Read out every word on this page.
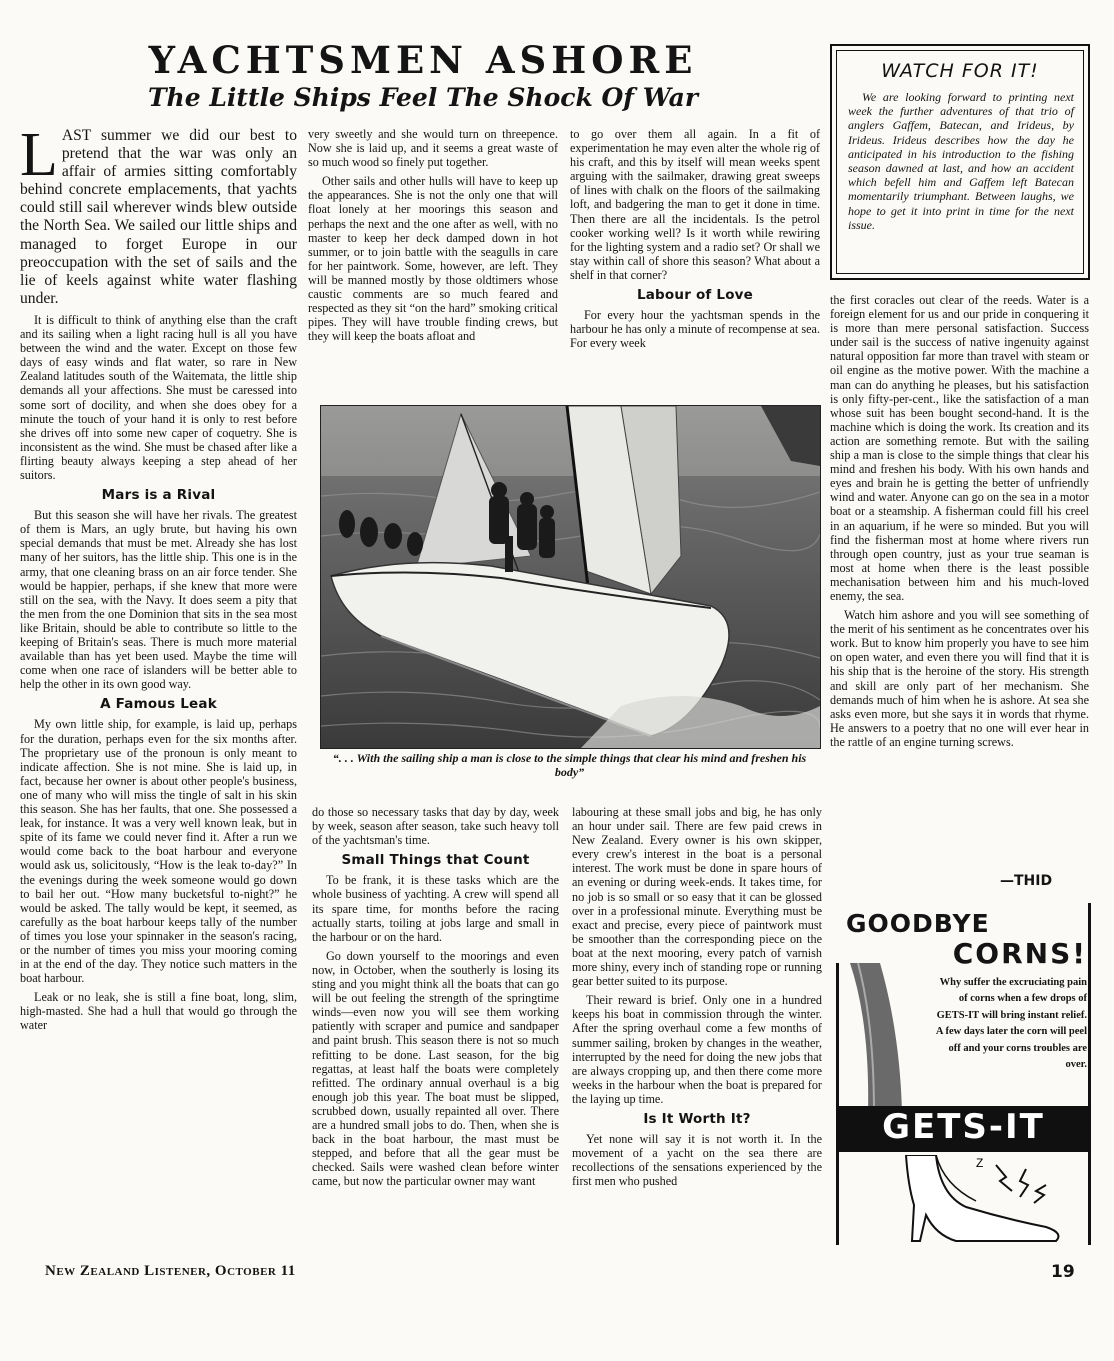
YACHTSMEN ASHORE
The Little Ships Feel The Shock Of War
WATCH FOR IT!

We are looking forward to printing next week the further adventures of that trio of anglers Gaffem, Batecan, and Irideus, by Irideus. Irideus describes how the day he anticipated in his introduction to the fishing season dawned at last, and how an accident which befell him and Gaffem left Batecan momentarily triumphant. Between laughs, we hope to get it into print in time for the next issue.

LAST summer we did our best to pretend that the war was only an affair of armies sitting comfortably behind concrete emplacements, that yachts could still sail wherever winds blew outside the North Sea. We sailed our little ships and managed to forget Europe in our preoccupation with the set of sails and the lie of keels against white water flashing under.

It is difficult to think of anything else than the craft and its sailing when a light racing hull is all you have between the wind and the water. Except on those few days of easy winds and flat water, so rare in New Zealand latitudes south of the Waitemata, the little ship demands all your affections. She must be caressed into some sort of docility, and when she does obey for a minute the touch of your hand it is only to rest before she drives off into some new caper of coquetry. She is inconsistent as the wind. She must be chased after like a flirting beauty always keeping a step ahead of her suitors.

Mars is a Rival

But this season she will have her rivals. The greatest of them is Mars, an ugly brute, but having his own special demands that must be met. Already she has lost many of her suitors, has the little ship. This one is in the army, that one cleaning brass on an air force tender. She would be happier, perhaps, if she knew that more were still on the sea, with the Navy. It does seem a pity that the men from the one Dominion that sits in the sea most like Britain, should be able to contribute so little to the keeping of Britain's seas. There is much more material available than has yet been used. Maybe the time will come when one race of islanders will be better able to help the other in its own good way.

A Famous Leak

My own little ship, for example, is laid up, perhaps for the duration, perhaps even for the six months after. The proprietary use of the pronoun is only meant to indicate affection. She is not mine. She is laid up, in fact, because her owner is about other people's business, one of many who will miss the tingle of salt in his skin this season. She has her faults, that one. She possessed a leak, for instance. It was a very well known leak, but in spite of its fame we could never find it. After a run we would come back to the boat harbour and everyone would ask us, solicitously, “How is the leak to-day?” In the evenings during the week someone would go down to bail her out. “How many bucketsful to-night?” he would be asked. The tally would be kept, it seemed, as carefully as the boat harbour keeps tally of the number of times you lose your spinnaker in the season's racing, or the number of times you miss your mooring coming in at the end of the day. They notice such matters in the boat harbour.

Leak or no leak, she is still a fine boat, long, slim, high-masted. She had a hull that would go through the water

very sweetly and she would turn on threepence. Now she is laid up, and it seems a great waste of so much wood so finely put together.

Other sails and other hulls will have to keep up the appearances. She is not the only one that will float lonely at her moorings this season and perhaps the next and the one after as well, with no master to keep her deck damped down in hot summer, or to join battle with the seagulls in care for her paintwork. Some, however, are left. They will be manned mostly by those oldtimers whose caustic comments are so much feared and respected as they sit “on the hard” smoking critical pipes. They will have trouble finding crews, but they will keep the boats afloat and

to go over them all again. In a fit of experimentation he may even alter the whole rig of his craft, and this by itself will mean weeks spent arguing with the sailmaker, drawing great sweeps of lines with chalk on the floors of the sailmaking loft, and badgering the man to get it done in time. Then there are all the incidentals. Is the petrol cooker working well? Is it worth while rewiring for the lighting system and a radio set? Or shall we stay within call of shore this season? What about a shelf in that corner?

Labour of Love

For every hour the yachtsman spends in the harbour he has only a minute of recompense at sea. For every week

“. . . With the sailing ship a man is close to the simple things that clear his mind and freshen his body”

do those so necessary tasks that day by day, week by week, season after season, take such heavy toll of the yachtsman's time.

Small Things that Count

To be frank, it is these tasks which are the whole business of yachting. A crew will spend all its spare time, for months before the racing actually starts, toiling at jobs large and small in the harbour or on the hard.

Go down yourself to the moorings and even now, in October, when the southerly is losing its sting and you might think all the boats that can go will be out feeling the strength of the springtime winds—even now you will see them working patiently with scraper and pumice and sandpaper and paint brush. This season there is not so much refitting to be done. Last season, for the big regattas, at least half the boats were completely refitted. The ordinary annual overhaul is a big enough job this year. The boat must be slipped, scrubbed down, usually repainted all over. There are a hundred small jobs to do. Then, when she is back in the boat harbour, the mast must be stepped, and before that all the gear must be checked. Sails were washed clean before winter came, but now the particular owner may want

labouring at these small jobs and big, he has only an hour under sail. There are few paid crews in New Zealand. Every owner is his own skipper, every crew's interest in the boat is a personal interest. The work must be done in spare hours of an evening or during week-ends. It takes time, for no job is so small or so easy that it can be glossed over in a professional minute. Everything must be exact and precise, every piece of paintwork must be smoother than the corresponding piece on the boat at the next mooring, every patch of varnish more shiny, every inch of standing rope or running gear better suited to its purpose.

Their reward is brief. Only one in a hundred keeps his boat in commission through the winter. After the spring overhaul come a few months of summer sailing, broken by changes in the weather, interrupted by the need for doing the new jobs that are always cropping up, and then there come more weeks in the harbour when the boat is prepared for the laying up time.

Is It Worth It?

Yet none will say it is not worth it. In the movement of a yacht on the sea there are recollections of the sensations experienced by the first men who pushed

the first coracles out clear of the reeds. Water is a foreign element for us and our pride in conquering it is more than mere personal satisfaction. Success under sail is the success of native ingenuity against natural opposition far more than travel with steam or oil engine as the motive power. With the machine a man can do anything he pleases, but his satisfaction is only fifty-per-cent., like the satisfaction of a man whose suit has been bought second-hand. It is the machine which is doing the work. Its creation and its action are something remote. But with the sailing ship a man is close to the simple things that clear his mind and freshen his body. With his own hands and eyes and brain he is getting the better of unfriendly wind and water. Anyone can go on the sea in a motor boat or a steamship. A fisherman could fill his creel in an aquarium, if he were so minded. But you will find the fisherman most at home where rivers run through open country, just as your true seaman is most at home when there is the least possible mechanisation between him and his much-loved enemy, the sea.

Watch him ashore and you will see something of the merit of his sentiment as he concentrates over his work. But to know him properly you have to see him on open water, and even there you will find that it is his ship that is the heroine of the story. His strength and skill are only part of her mechanism. She demands much of him when he is ashore. At sea she asks even more, but she says it in words that rhyme. He answers to a poetry that no one will ever hear in the rattle of an engine turning screws.

—THID
GOODBYE
CORNS!

Why suffer the excruciating pain of corns when a few drops of GETS-IT will bring instant relief. A few days later the corn will peel off and your corns troubles are over.

GETS-IT
Z
New Zealand Listener, October 11	19
